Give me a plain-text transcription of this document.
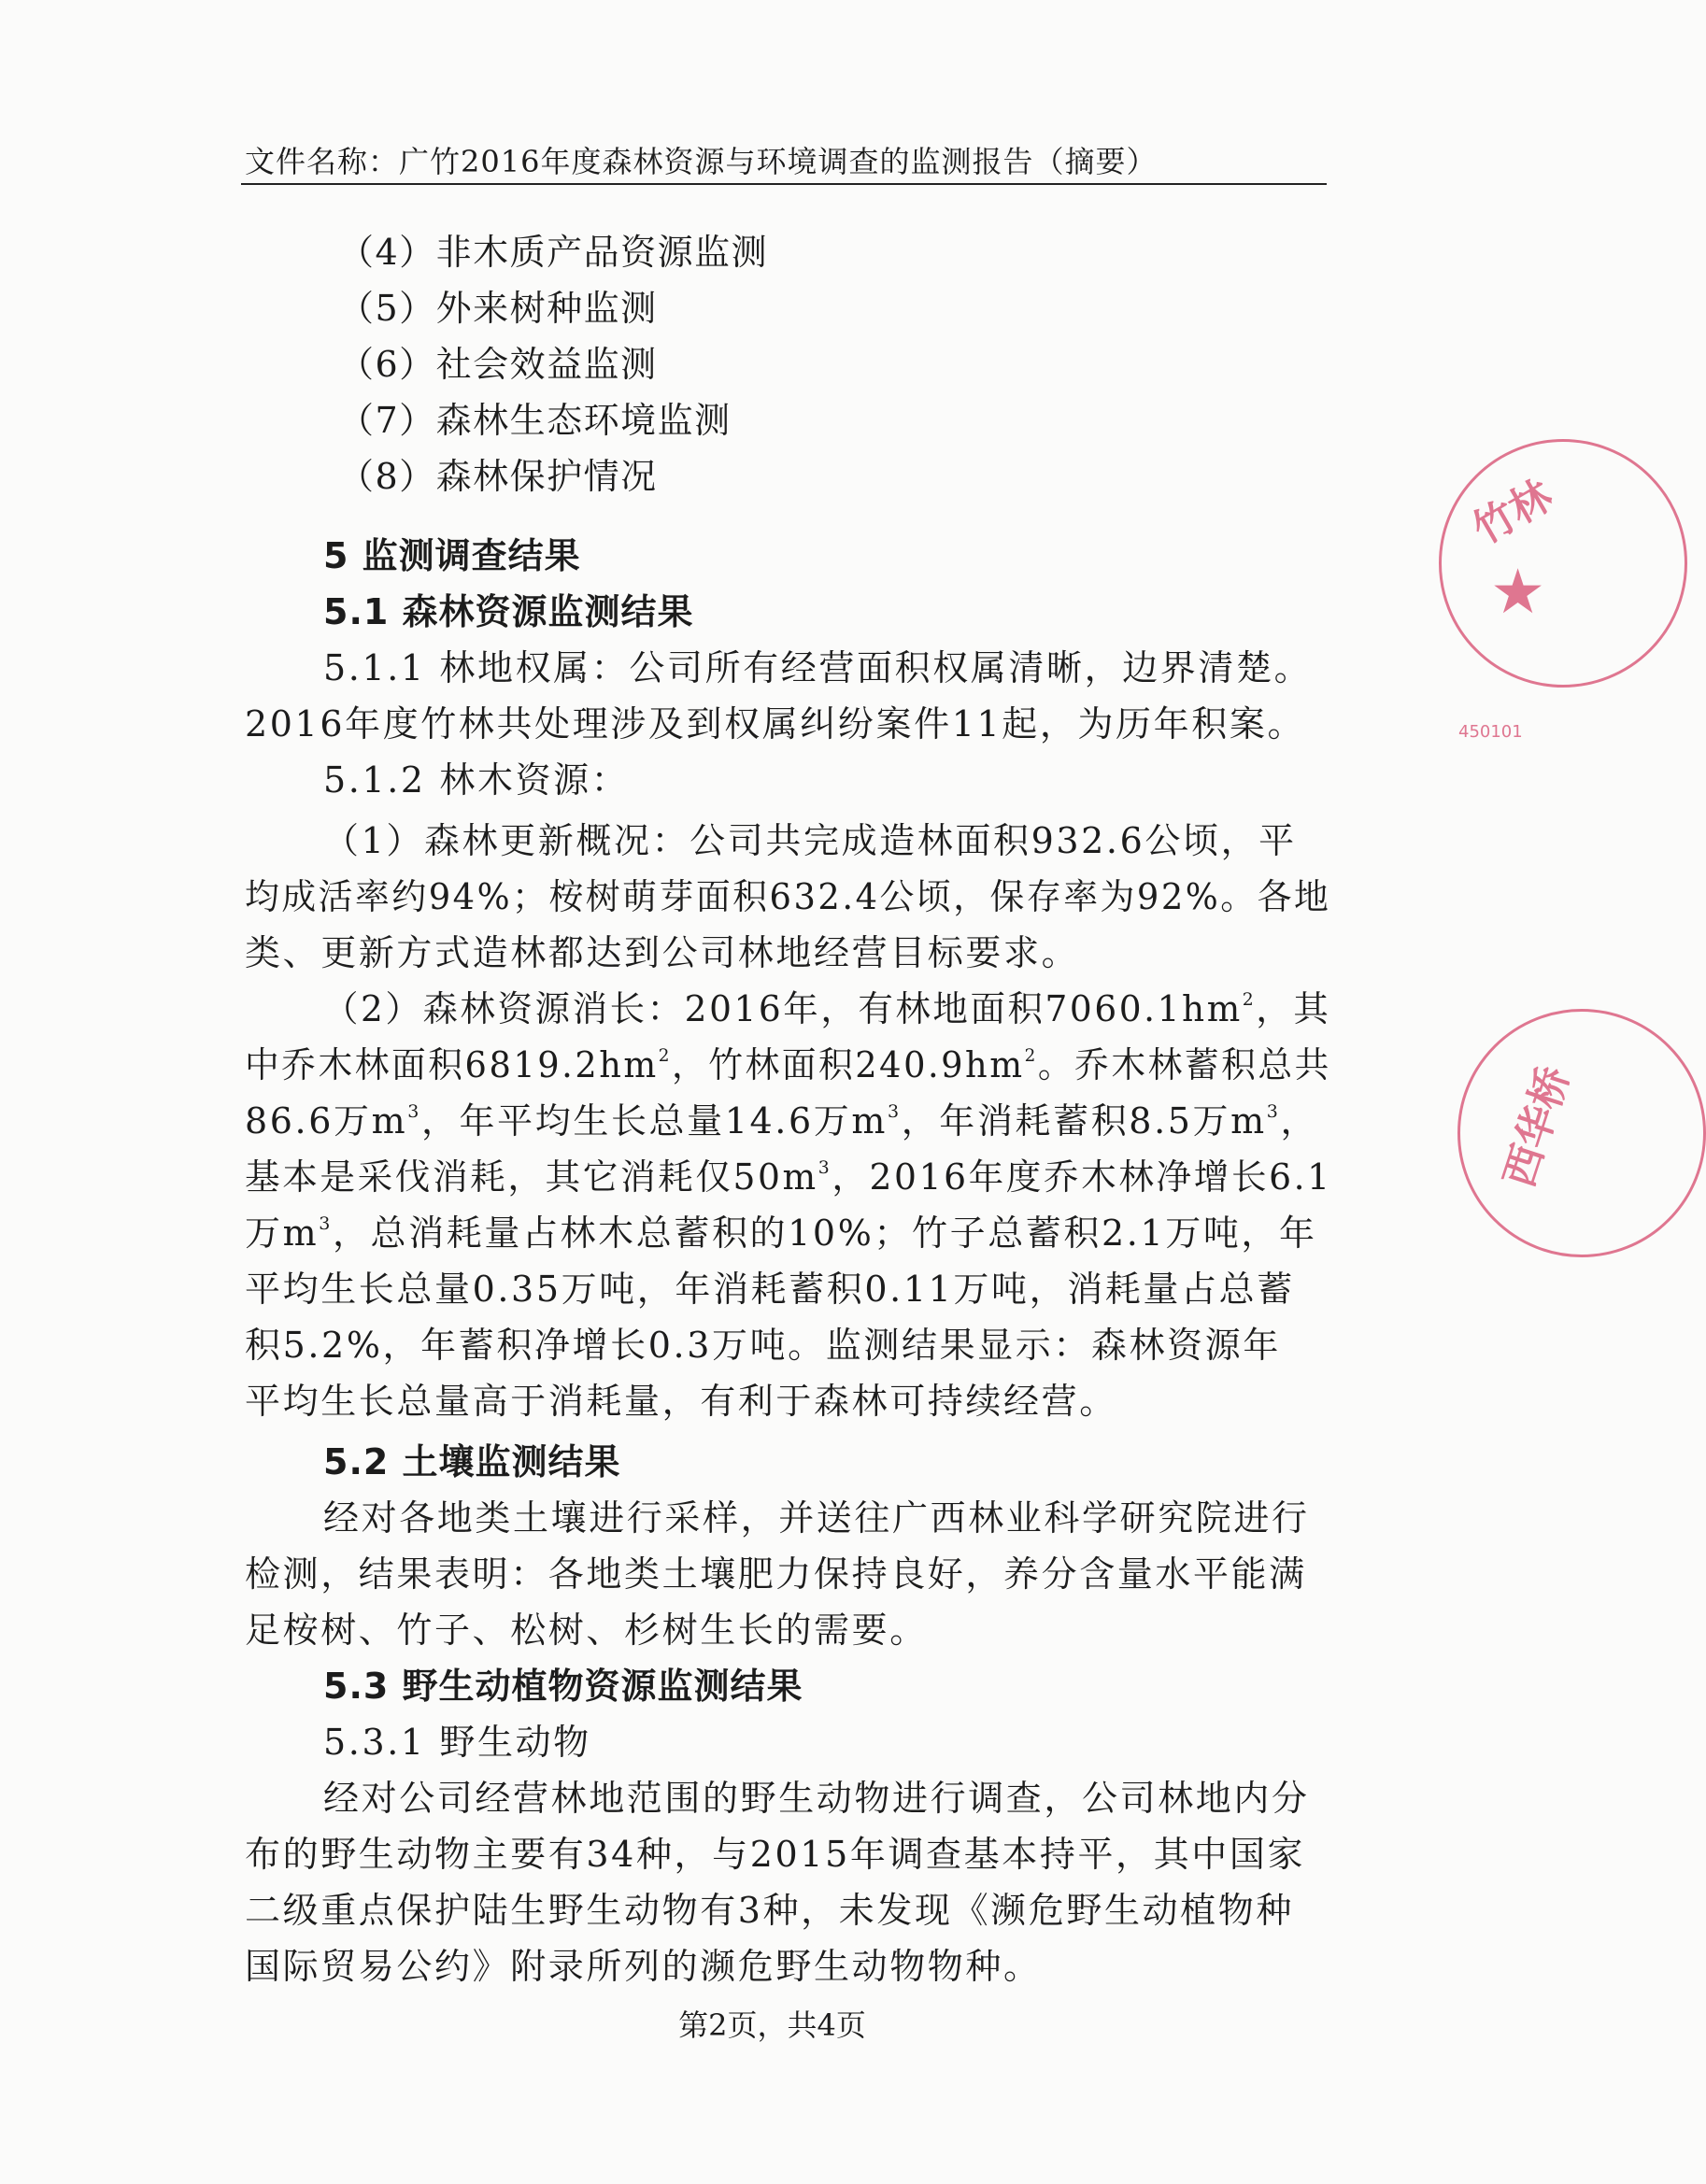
文件名称：广竹2016年度森林资源与环境调查的监测报告（摘要）
（4）非木质产品资源监测
（5）外来树种监测
（6）社会效益监测
（7）森林生态环境监测
（8）森林保护情况
5 监测调查结果
5.1 森林资源监测结果
5.1.1 林地权属：公司所有经营面积权属清晰，边界清楚。
2016年度竹林共处理涉及到权属纠纷案件11起，为历年积案。
5.1.2 林木资源：
（1）森林更新概况：公司共完成造林面积932.6公顷，平
均成活率约94%；桉树萌芽面积632.4公顷，保存率为92%。各地
类、更新方式造林都达到公司林地经营目标要求。
（2）森林资源消长：2016年，有林地面积$7060.1hm^2$，其
中乔木林面积$6819.2hm^2$，竹林面积$240.9hm^2$。乔木林蓄积总共
86.6万$m^3$，年平均生长总量14.6万$m^3$，年消耗蓄积8.5万$m^3$，
基本是采伐消耗，其它消耗仅$50m^3$，2016年度乔木林净增长6.1
万$m^3$，总消耗量占林木总蓄积的10%；竹子总蓄积2.1万吨，年
平均生长总量0.35万吨，年消耗蓄积0.11万吨，消耗量占总蓄
积5.2%，年蓄积净增长0.3万吨。监测结果显示：森林资源年
平均生长总量高于消耗量，有利于森林可持续经营。
5.2 土壤监测结果
经对各地类土壤进行采样，并送往广西林业科学研究院进行
检测，结果表明：各地类土壤肥力保持良好，养分含量水平能满
足桉树、竹子、松树、杉树生长的需要。
5.3 野生动植物资源监测结果
5.3.1 野生动物
经对公司经营林地范围的野生动物进行调查，公司林地内分
布的野生动物主要有34种，与2015年调查基本持平，其中国家
二级重点保护陆生野生动物有3种，未发现《濒危野生动植物种
国际贸易公约》附录所列的濒危野生动物物种。
第2页，共4页
竹林
★
450101
西华桥
